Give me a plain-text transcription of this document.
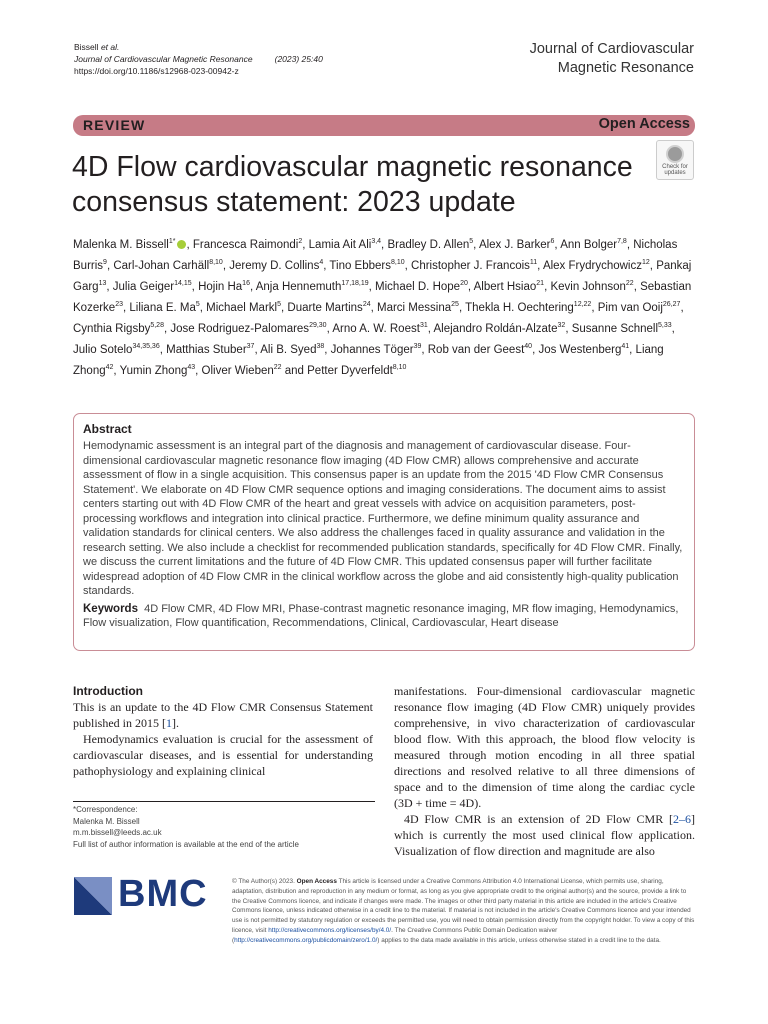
Bissell et al.
Journal of Cardiovascular Magnetic Resonance	(2023) 25:40
https://doi.org/10.1186/s12968-023-00942-z
Journal of Cardiovascular
Magnetic Resonance
REVIEW	Open Access
4D Flow cardiovascular magnetic resonance consensus statement: 2023 update
Check for updates
Malenka M. Bissell$^{1*}$ , Francesca Raimondi$^2$, Lamia Ait Ali$^{3,4}$, Bradley D. Allen$^5$, Alex J. Barker$^6$, Ann Bolger$^{7,8}$, Nicholas Burris$^9$, Carl-Johan Carhäll$^{8,10}$, Jeremy D. Collins$^4$, Tino Ebbers$^{8,10}$, Christopher J. Francois$^{11}$, Alex Frydrychowicz$^{12}$, Pankaj Garg$^{13}$, Julia Geiger$^{14,15}$, Hojin Ha$^{16}$, Anja Hennemuth$^{17,18,19}$, Michael D. Hope$^{20}$, Albert Hsiao$^{21}$, Kevin Johnson$^{22}$, Sebastian Kozerke$^{23}$, Liliana E. Ma$^5$, Michael Markl$^5$, Duarte Martins$^{24}$, Marci Messina$^{25}$, Thekla H. Oechtering$^{12,22}$, Pim van Ooij$^{26,27}$, Cynthia Rigsby$^{5,28}$, Jose Rodriguez-Palomares$^{29,30}$, Arno A. W. Roest$^{31}$, Alejandro Roldán-Alzate$^{32}$, Susanne Schnell$^{5,33}$, Julio Sotelo$^{34,35,36}$, Matthias Stuber$^{37}$, Ali B. Syed$^{38}$, Johannes Töger$^{39}$, Rob van der Geest$^{40}$, Jos Westenberg$^{41}$, Liang Zhong$^{42}$, Yumin Zhong$^{43}$, Oliver Wieben$^{22}$ and Petter Dyverfeldt$^{8,10}$
Abstract
Hemodynamic assessment is an integral part of the diagnosis and management of cardiovascular disease. Four-dimensional cardiovascular magnetic resonance flow imaging (4D Flow CMR) allows comprehensive and accurate assessment of flow in a single acquisition. This consensus paper is an update from the 2015 '4D Flow CMR Consensus Statement'. We elaborate on 4D Flow CMR sequence options and imaging considerations. The document aims to assist centers starting out with 4D Flow CMR of the heart and great vessels with advice on acquisition parameters, post-processing workflows and integration into clinical practice. Furthermore, we define minimum quality assurance and validation standards for clinical centers. We also address the challenges faced in quality assurance and validation in the research setting. We also include a checklist for recommended publication standards, specifically for 4D Flow CMR. Finally, we discuss the current limitations and the future of 4D Flow CMR. This updated consensus paper will further facilitate widespread adoption of 4D Flow CMR in the clinical workflow across the globe and aid consistently high-quality publication standards.
Keywords 4D Flow CMR, 4D Flow MRI, Phase-contrast magnetic resonance imaging, MR flow imaging, Hemodynamics, Flow visualization, Flow quantification, Recommendations, Clinical, Cardiovascular, Heart disease
Introduction

This is an update to the 4D Flow CMR Consensus Statement published in 2015 [1].

Hemodynamics evaluation is crucial for the assessment of cardiovascular diseases, and is essential for understanding pathophysiology and explaining clinical

manifestations. Four-dimensional cardiovascular magnetic resonance flow imaging (4D Flow CMR) uniquely provides comprehensive, in vivo characterization of cardiovascular blood flow. With this approach, the blood flow velocity is measured through motion encoding in all three spatial directions and resolved relative to all three dimensions of space and to the dimension of time along the cardiac cycle (3D + time = 4D).

4D Flow CMR is an extension of 2D Flow CMR [2–6] which is currently the most used clinical flow application. Visualization of flow direction and magnitude are also

*Correspondence:
Malenka M. Bissell
m.m.bissell@leeds.ac.uk
Full list of author information is available at the end of the article
BMC	© The Author(s) 2023. Open Access This article is licensed under a Creative Commons Attribution 4.0 International License, which permits use, sharing, adaptation, distribution and reproduction in any medium or format, as long as you give appropriate credit to the original author(s) and the source, provide a link to the Creative Commons licence, and indicate if changes were made. The images or other third party material in this article are included in the article's Creative Commons licence, unless indicated otherwise in a credit line to the material. If material is not included in the article's Creative Commons licence and your intended use is not permitted by statutory regulation or exceeds the permitted use, you will need to obtain permission directly from the copyright holder. To view a copy of this licence, visit http://creativecommons.org/licenses/by/4.0/. The Creative Commons Public Domain Dedication waiver (http://creativecommons.org/publicdomain/zero/1.0/) applies to the data made available in this article, unless otherwise stated in a credit line to the data.
